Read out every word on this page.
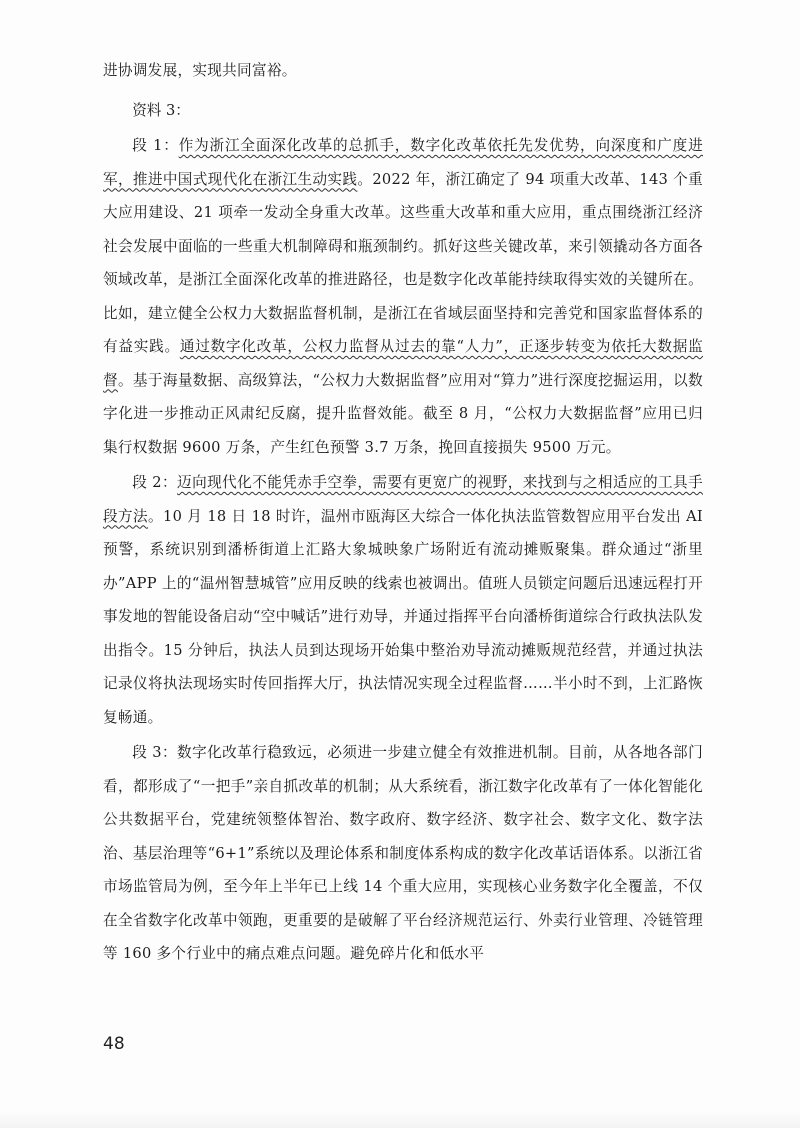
进协调发展，实现共同富裕。

资料 3：

段 1：作为浙江全面深化改革的总抓手，数字化改革依托先发优势，向深度和广度进军，推进中国式现代化在浙江生动实践。2022 年，浙江确定了 94 项重大改革、143 个重大应用建设、21 项牵一发动全身重大改革。这些重大改革和重大应用，重点围绕浙江经济社会发展中面临的一些重大机制障碍和瓶颈制约。抓好这些关键改革，来引领撬动各方面各领域改革，是浙江全面深化改革的推进路径，也是数字化改革能持续取得实效的关键所在。比如，建立健全公权力大数据监督机制，是浙江在省域层面坚持和完善党和国家监督体系的有益实践。通过数字化改革，公权力监督从过去的靠“人力”，正逐步转变为依托大数据监督。基于海量数据、高级算法，“公权力大数据监督”应用对“算力”进行深度挖掘运用，以数字化进一步推动正风肃纪反腐，提升监督效能。截至 8 月，“公权力大数据监督”应用已归集行权数据 9600 万条，产生红色预警 3.7 万条，挽回直接损失 9500 万元。

段 2：迈向现代化不能凭赤手空拳，需要有更宽广的视野，来找到与之相适应的工具手段方法。10 月 18 日 18 时许，温州市瓯海区大综合一体化执法监管数智应用平台发出 AI 预警，系统识别到潘桥街道上汇路大象城映象广场附近有流动摊贩聚集。群众通过“浙里办”APP 上的“温州智慧城管”应用反映的线索也被调出。值班人员锁定问题后迅速远程打开事发地的智能设备启动“空中喊话”进行劝导，并通过指挥平台向潘桥街道综合行政执法队发出指令。15 分钟后，执法人员到达现场开始集中整治劝导流动摊贩规范经营，并通过执法记录仪将执法现场实时传回指挥大厅，执法情况实现全过程监督……半小时不到，上汇路恢复畅通。

段 3：数字化改革行稳致远，必须进一步建立健全有效推进机制。目前，从各地各部门看，都形成了“一把手”亲自抓改革的机制；从大系统看，浙江数字化改革有了一体化智能化公共数据平台，党建统领整体智治、数字政府、数字经济、数字社会、数字文化、数字法治、基层治理等“6+1”系统以及理论体系和制度体系构成的数字化改革话语体系。以浙江省市场监管局为例，至今年上半年已上线 14 个重大应用，实现核心业务数字化全覆盖，不仅在全省数字化改革中领跑，更重要的是破解了平台经济规范运行、外卖行业管理、冷链管理等 160 多个行业中的痛点难点问题。避免碎片化和低水平

48
